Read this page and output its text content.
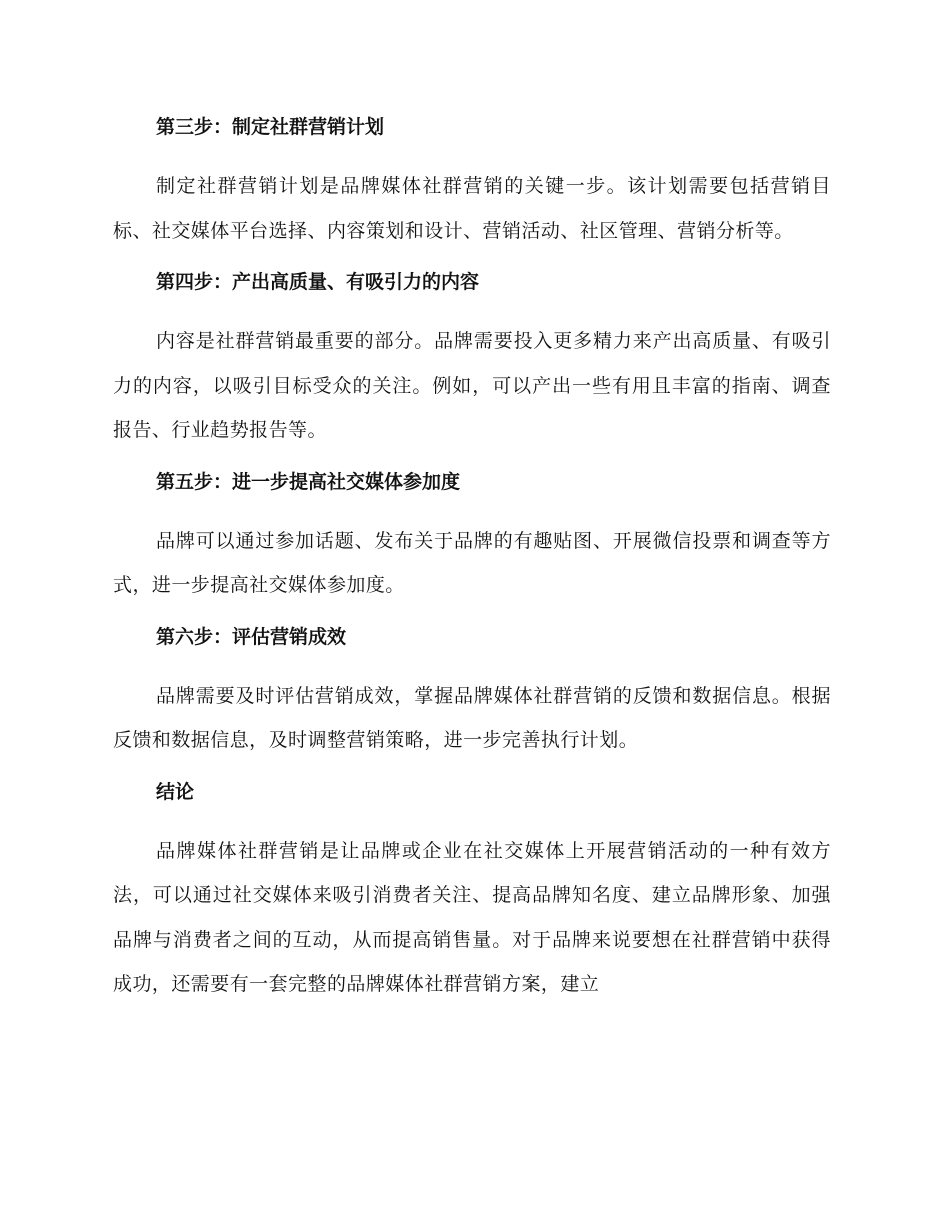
第三步：制定社群营销计划

制定社群营销计划是品牌媒体社群营销的关键一步。该计划需要包括营销目标、社交媒体平台选择、内容策划和设计、营销活动、社区管理、营销分析等。

第四步：产出高质量、有吸引力的内容

内容是社群营销最重要的部分。品牌需要投入更多精力来产出高质量、有吸引力的内容，以吸引目标受众的关注。例如，可以产出一些有用且丰富的指南、调查报告、行业趋势报告等。

第五步：进一步提高社交媒体参加度

品牌可以通过参加话题、发布关于品牌的有趣贴图、开展微信投票和调查等方式，进一步提高社交媒体参加度。

第六步：评估营销成效

品牌需要及时评估营销成效，掌握品牌媒体社群营销的反馈和数据信息。根据反馈和数据信息，及时调整营销策略，进一步完善执行计划。

结论

品牌媒体社群营销是让品牌或企业在社交媒体上开展营销活动的一种有效方法，可以通过社交媒体来吸引消费者关注、提高品牌知名度、建立品牌形象、加强品牌与消费者之间的互动，从而提高销售量。对于品牌来说要想在社群营销中获得成功，还需要有一套完整的品牌媒体社群营销方案，建立
